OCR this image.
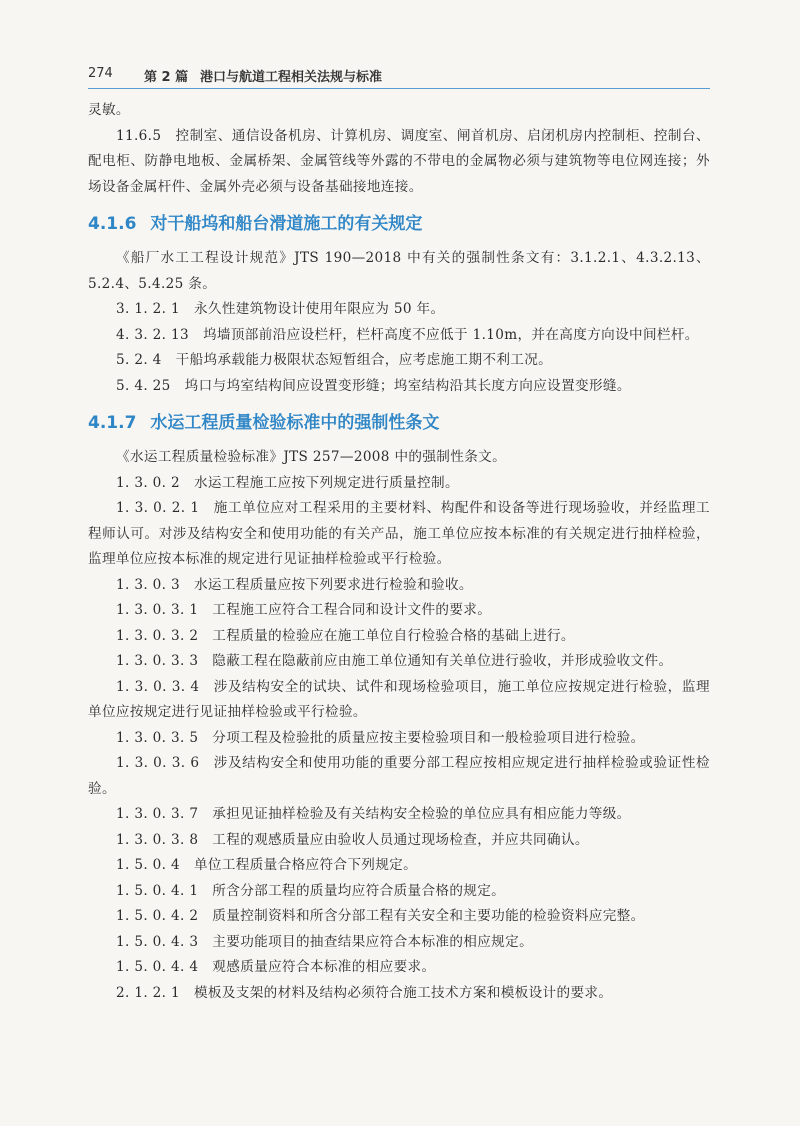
274 第 2 篇 港口与航道工程相关法规与标准

灵敏。

11.6.5　控制室、通信设备机房、计算机房、调度室、闸首机房、启闭机房内控制柜、控制台、配电柜、防静电地板、金属桥架、金属管线等外露的不带电的金属物必须与建筑物等电位网连接；外场设备金属杆件、金属外壳必须与设备基础接地连接。

4.1.6 对干船坞和船台滑道施工的有关规定

《船厂水工工程设计规范》JTS 190—2018 中有关的强制性条文有：3.1.2.1、4.3.2.13、5.2.4、5.4.25 条。

3. 1. 2. 1　永久性建筑物设计使用年限应为 50 年。

4. 3. 2. 13　坞墙顶部前沿应设栏杆，栏杆高度不应低于 1.10m，并在高度方向设中间栏杆。

5. 2. 4　干船坞承载能力极限状态短暂组合，应考虑施工期不利工况。

5. 4. 25　坞口与坞室结构间应设置变形缝；坞室结构沿其长度方向应设置变形缝。

4.1.7 水运工程质量检验标准中的强制性条文

《水运工程质量检验标准》JTS 257—2008 中的强制性条文。

1. 3. 0. 2　水运工程施工应按下列规定进行质量控制。

1. 3. 0. 2. 1　施工单位应对工程采用的主要材料、构配件和设备等进行现场验收，并经监理工程师认可。对涉及结构安全和使用功能的有关产品，施工单位应按本标准的有关规定进行抽样检验，监理单位应按本标准的规定进行见证抽样检验或平行检验。

1. 3. 0. 3　水运工程质量应按下列要求进行检验和验收。

1. 3. 0. 3. 1　工程施工应符合工程合同和设计文件的要求。

1. 3. 0. 3. 2　工程质量的检验应在施工单位自行检验合格的基础上进行。

1. 3. 0. 3. 3　隐蔽工程在隐蔽前应由施工单位通知有关单位进行验收，并形成验收文件。

1. 3. 0. 3. 4　涉及结构安全的试块、试件和现场检验项目，施工单位应按规定进行检验，监理单位应按规定进行见证抽样检验或平行检验。

1. 3. 0. 3. 5　分项工程及检验批的质量应按主要检验项目和一般检验项目进行检验。

1. 3. 0. 3. 6　涉及结构安全和使用功能的重要分部工程应按相应规定进行抽样检验或验证性检验。

1. 3. 0. 3. 7　承担见证抽样检验及有关结构安全检验的单位应具有相应能力等级。

1. 3. 0. 3. 8　工程的观感质量应由验收人员通过现场检查，并应共同确认。

1. 5. 0. 4　单位工程质量合格应符合下列规定。

1. 5. 0. 4. 1　所含分部工程的质量均应符合质量合格的规定。

1. 5. 0. 4. 2　质量控制资料和所含分部工程有关安全和主要功能的检验资料应完整。

1. 5. 0. 4. 3　主要功能项目的抽查结果应符合本标准的相应规定。

1. 5. 0. 4. 4　观感质量应符合本标准的相应要求。

2. 1. 2. 1　模板及支架的材料及结构必须符合施工技术方案和模板设计的要求。
